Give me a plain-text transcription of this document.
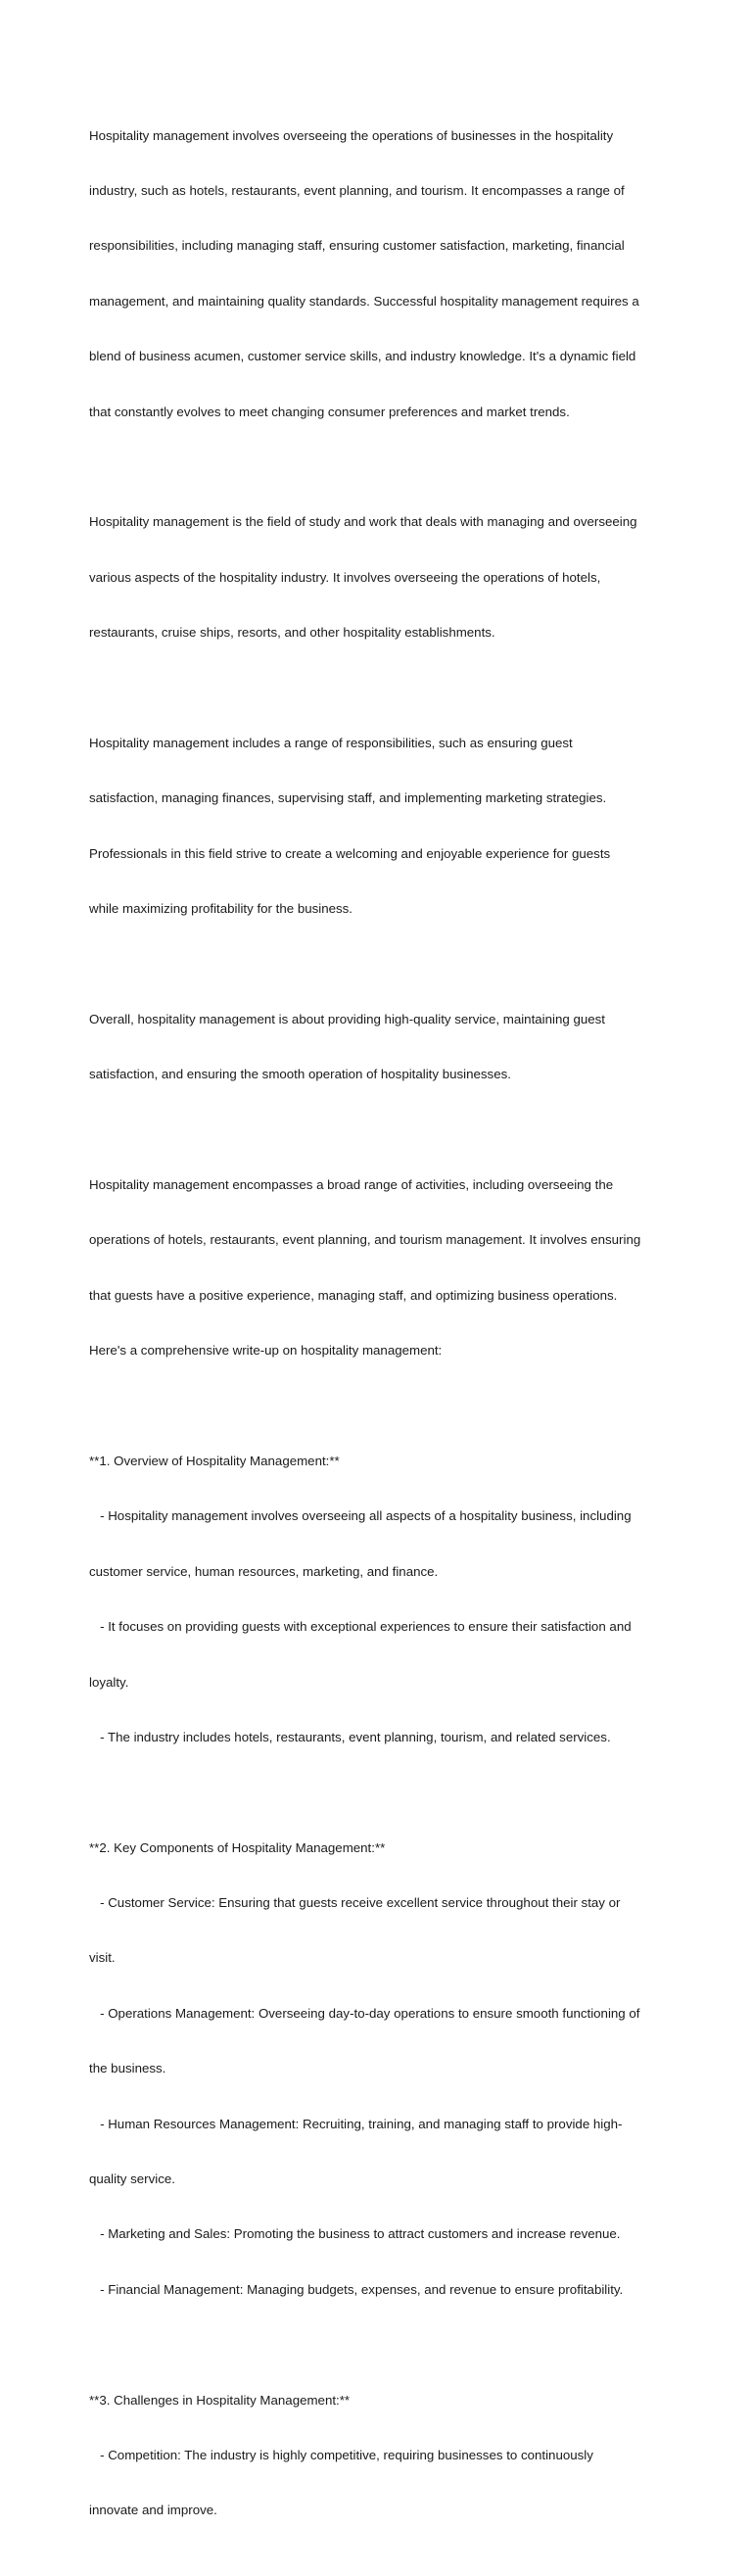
Hospitality management involves overseeing the operations of businesses in the hospitality

industry, such as hotels, restaurants, event planning, and tourism. It encompasses a range of

responsibilities, including managing staff, ensuring customer satisfaction, marketing, financial

management, and maintaining quality standards. Successful hospitality management requires a

blend of business acumen, customer service skills, and industry knowledge. It's a dynamic field

that constantly evolves to meet changing consumer preferences and market trends.

Hospitality management is the field of study and work that deals with managing and overseeing

various aspects of the hospitality industry. It involves overseeing the operations of hotels,

restaurants, cruise ships, resorts, and other hospitality establishments.

Hospitality management includes a range of responsibilities, such as ensuring guest

satisfaction, managing finances, supervising staff, and implementing marketing strategies.

Professionals in this field strive to create a welcoming and enjoyable experience for guests

while maximizing profitability for the business.

Overall, hospitality management is about providing high-quality service, maintaining guest

satisfaction, and ensuring the smooth operation of hospitality businesses.

Hospitality management encompasses a broad range of activities, including overseeing the

operations of hotels, restaurants, event planning, and tourism management. It involves ensuring

that guests have a positive experience, managing staff, and optimizing business operations.

Here's a comprehensive write-up on hospitality management:

**1. Overview of Hospitality Management:**

- Hospitality management involves overseeing all aspects of a hospitality business, including

customer service, human resources, marketing, and finance.

- It focuses on providing guests with exceptional experiences to ensure their satisfaction and

loyalty.

- The industry includes hotels, restaurants, event planning, tourism, and related services.

**2. Key Components of Hospitality Management:**

- Customer Service: Ensuring that guests receive excellent service throughout their stay or

visit.

- Operations Management: Overseeing day-to-day operations to ensure smooth functioning of

the business.

- Human Resources Management: Recruiting, training, and managing staff to provide high-

quality service.

- Marketing and Sales: Promoting the business to attract customers and increase revenue.

- Financial Management: Managing budgets, expenses, and revenue to ensure profitability.

**3. Challenges in Hospitality Management:**

- Competition: The industry is highly competitive, requiring businesses to continuously

innovate and improve.
